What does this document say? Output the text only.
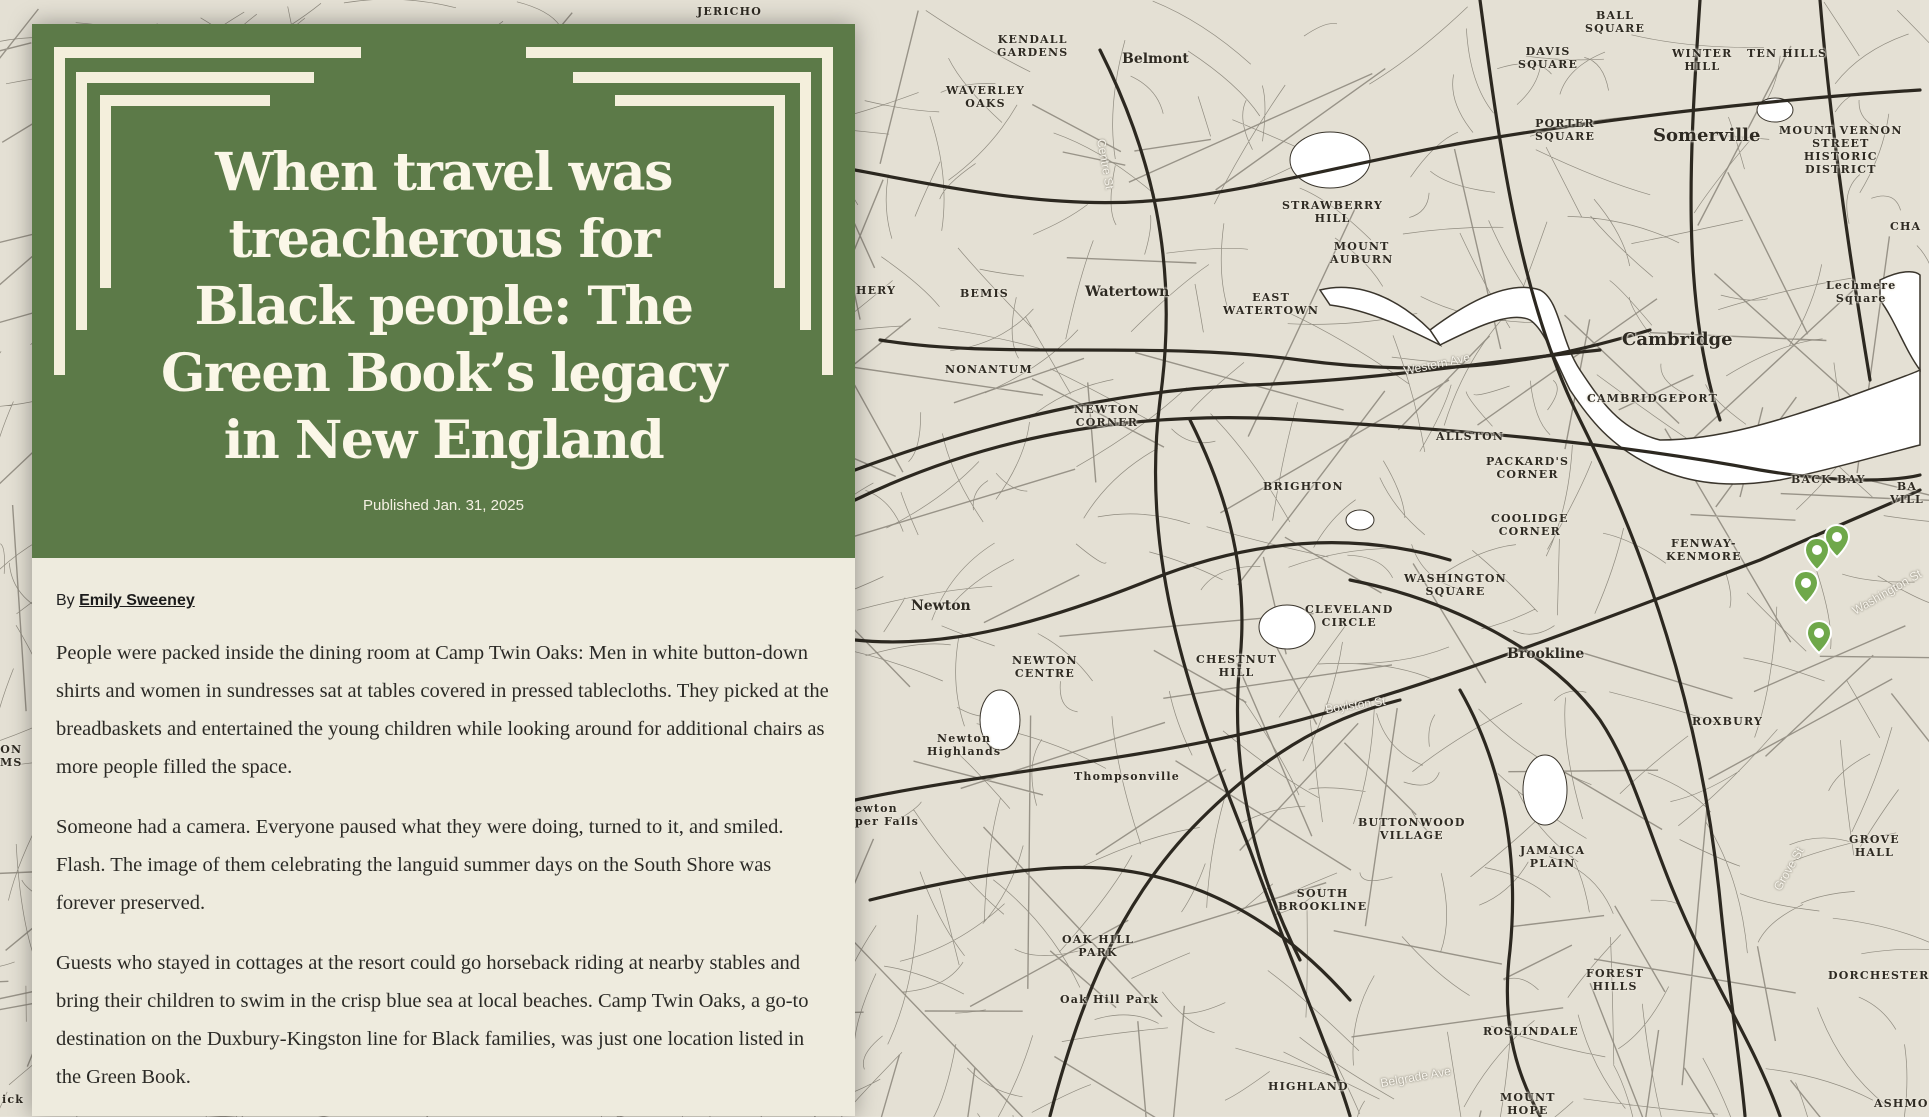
JERICHO
KENDALL
GARDENS	Belmont
WAVERLEY
OAKS
DAVIS
SQUARE
BALL
SQUARE
WINTER
HILL
TEN HILLS
PORTER
SQUARE	Somerville MOUNT VERNON
STREET
HISTORIC
DISTRICT
STRAWBERRY
HILL
MOUNT
AUBURN
BEMIS	Watertown	EAST
WATERTOWN
Cambridge
Lechmere
Square
NONANTUM
CAMBRIDGEPORT
NEWTON
CORNER
ALLSTON
PACKARD'S
CORNER
BRIGHTON
BACK BAY
COOLIDGE
CORNER
FENWAY-
KENMORE
WASHINGTON
SQUARE
Newton	CLEVELAND
CIRCLE
Brookline
NEWTON
CENTRE
CHESTNUT
HILL
Newton
Highlands
Thompsonville
ROXBURY
BUTTONWOOD
VILLAGE
JAMAICA
PLAIN
GROVE
HALL
SOUTH
BROOKLINE
OAK HILL
PARK
Oak Hill Park
FOREST
HILLS
DORCHESTER
ROSLINDALE
HIGHLAND
MOUNT
HOPE
ASHMO
CHA
HERY
BA
VILL
ick
ON
MS
ewton
per Falls
Western Ave
Boylston St
Belgrade Ave
Washington St
Centre St
Grove St
When travel was treacherous for Black people: The Green Book’s legacy in New England
Published Jan. 31, 2025
By Emily Sweeney

People were packed inside the dining room at Camp Twin Oaks: Men in white button-down shirts and women in sundresses sat at tables covered in pressed tablecloths. They picked at the breadbaskets and entertained the young children while looking around for additional chairs as more people filled the space.

Someone had a camera. Everyone paused what they were doing, turned to it, and smiled. Flash. The image of them celebrating the languid summer days on the South Shore was forever preserved.

Guests who stayed in cottages at the resort could go horseback riding at nearby stables and bring their children to swim in the crisp blue sea at local beaches. Camp Twin Oaks, a go-to destination on the Duxbury-Kingston line for Black families, was just one location listed in the Green Book.
